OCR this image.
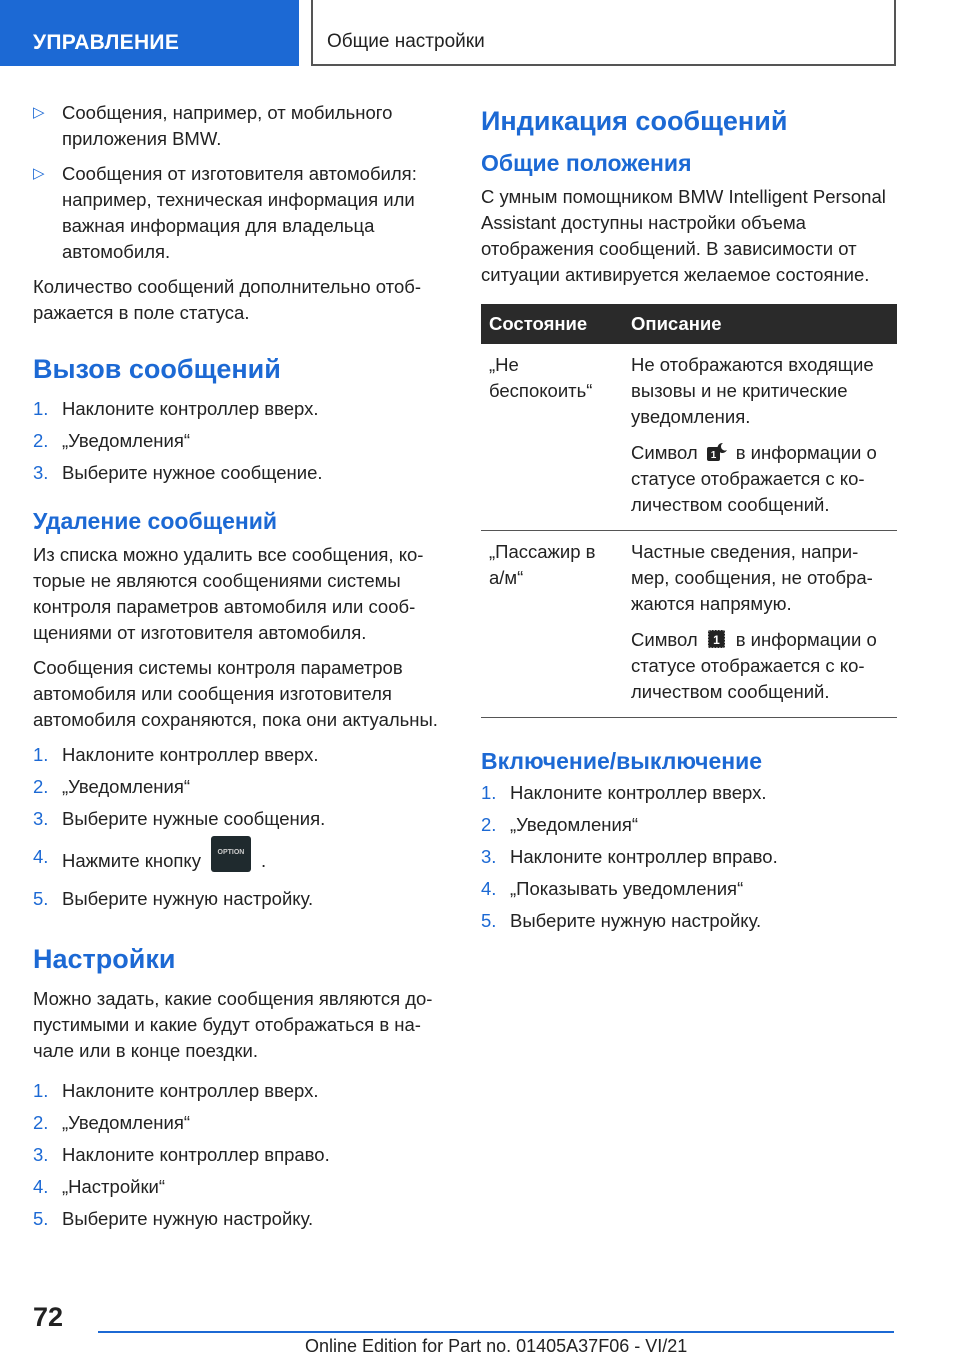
УПРАВЛЕНИЕ	Общие настройки
▷ Сообщения, например, от мобильного приложения BMW.
▷ Сообщения от изготовителя автомобиля: например, техническая информация или важная информация для владельца автомобиля.
Количество сообщений дополнительно отоб-ражается в поле статуса.
Вызов сообщений
1. Наклоните контроллер вверх.
2. „Уведомления“
3. Выберите нужное сообщение.
Удаление сообщений
Из списка можно удалить все сообщения, ко-торые не являются сообщениями системы контроля параметров автомобиля или сооб-щениями от изготовителя автомобиля.
Сообщения системы контроля параметров автомобиля или сообщения изготовителя автомобиля сохраняются, пока они актуальны.
1. Наклоните контроллер вверх.
2. „Уведомления“
3. Выберите нужные сообщения.
4. Нажмите кнопку OPTION .
5. Выберите нужную настройку.
Настройки
Можно задать, какие сообщения являются до-пустимыми и какие будут отображаться в на-чале или в конце поездки.
1. Наклоните контроллер вверх.
2. „Уведомления“
3. Наклоните контроллер вправо.
4. „Настройки“
5. Выберите нужную настройку.
Индикация сообщений
Общие положения
С умным помощником BMW Intelligent Personal Assistant доступны настройки объема отображения сообщений. В зависимости от ситуации активируется желаемое состояние.
Состояние	Описание
„Не беспокоить“	Не отображаются входящие вызовы и не критические уведомления.
Символ 1 в информации о статусе отображается с ко-личеством сообщений.

„Пассажир в а/м“	Частные сведения, напри-мер, сообщения, не отобра-жаются напрямую.
Символ 1 в информации о статусе отображается с ко-личеством сообщений.
Включение/выключение
1. Наклоните контроллер вверх.
2. „Уведомления“
3. Наклоните контроллер вправо.
4. „Показывать уведомления“
5. Выберите нужную настройку.
72
Online Edition for Part no. 01405A37F06 - VI/21
